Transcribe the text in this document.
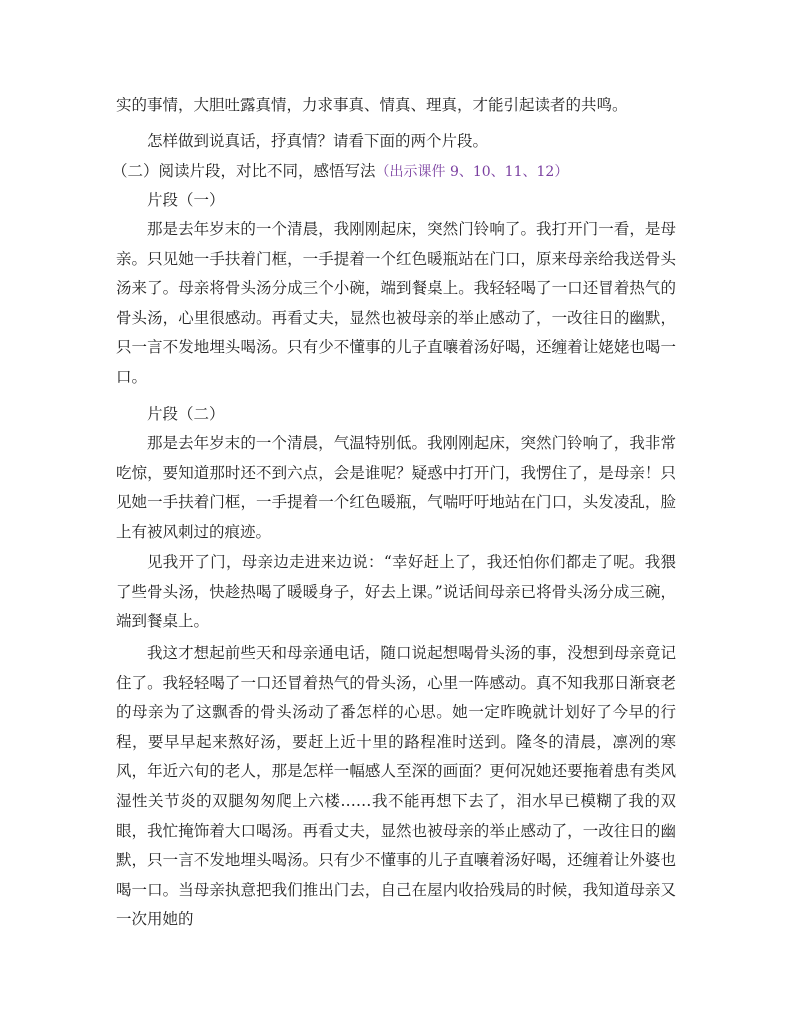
实的事情，大胆吐露真情，力求事真、情真、理真，才能引起读者的共鸣。

怎样做到说真话，抒真情？请看下面的两个片段。

（二）阅读片段，对比不同，感悟写法（出示课件 9、10、11、12）

片段（一）

那是去年岁末的一个清晨，我刚刚起床，突然门铃响了。我打开门一看，是母亲。只见她一手扶着门框，一手提着一个红色暖瓶站在门口，原来母亲给我送骨头汤来了。母亲将骨头汤分成三个小碗，端到餐桌上。我轻轻喝了一口还冒着热气的骨头汤，心里很感动。再看丈夫，显然也被母亲的举止感动了，一改往日的幽默，只一言不发地埋头喝汤。只有少不懂事的儿子直嚷着汤好喝，还缠着让姥姥也喝一口。

片段（二）

那是去年岁末的一个清晨，气温特别低。我刚刚起床，突然门铃响了，我非常吃惊，要知道那时还不到六点，会是谁呢？疑惑中打开门，我愣住了，是母亲！只见她一手扶着门框，一手提着一个红色暖瓶，气喘吁吁地站在门口，头发凌乱，脸上有被风刺过的痕迹。

见我开了门，母亲边走进来边说：“幸好赶上了，我还怕你们都走了呢。我猥了些骨头汤，快趁热喝了暖暖身子，好去上课。”说话间母亲已将骨头汤分成三碗，端到餐桌上。

我这才想起前些天和母亲通电话，随口说起想喝骨头汤的事，没想到母亲竟记住了。我轻轻喝了一口还冒着热气的骨头汤，心里一阵感动。真不知我那日渐衰老的母亲为了这飘香的骨头汤动了番怎样的心思。她一定昨晚就计划好了今早的行程，要早早起来熬好汤，要赶上近十里的路程准时送到。隆冬的清晨，凛冽的寒风，年近六旬的老人，那是怎样一幅感人至深的画面？更何况她还要拖着患有类风湿性关节炎的双腿匆匆爬上六楼……我不能再想下去了，泪水早已模糊了我的双眼，我忙掩饰着大口喝汤。再看丈夫，显然也被母亲的举止感动了，一改往日的幽默，只一言不发地埋头喝汤。只有少不懂事的儿子直嚷着汤好喝，还缠着让外婆也喝一口。当母亲执意把我们推出门去，自己在屋内收拾残局的时候，我知道母亲又一次用她的
